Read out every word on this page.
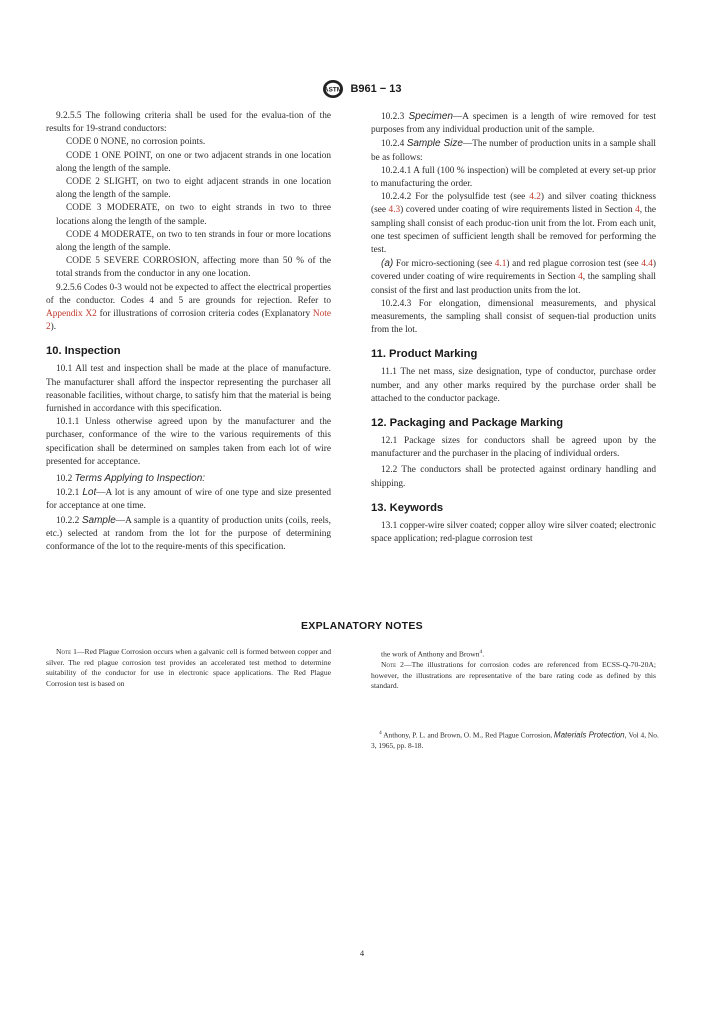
ASTM B961 − 13

9.2.5.5 The following criteria shall be used for the evalua-tion of the results for 19-strand conductors:

CODE 0 NONE, no corrosion points.

CODE 1 ONE POINT, on one or two adjacent strands in one location along the length of the sample.

CODE 2 SLIGHT, on two to eight adjacent strands in one location along the length of the sample.

CODE 3 MODERATE, on two to eight strands in two to three locations along the length of the sample.

CODE 4 MODERATE, on two to ten strands in four or more locations along the length of the sample.

CODE 5 SEVERE CORROSION, affecting more than 50 % of the total strands from the conductor in any one location.

9.2.5.6 Codes 0-3 would not be expected to affect the electrical properties of the conductor. Codes 4 and 5 are grounds for rejection. Refer to Appendix X2 for illustrations of corrosion criteria codes (Explanatory Note 2).

10. Inspection

10.1 All test and inspection shall be made at the place of manufacture. The manufacturer shall afford the inspector representing the purchaser all reasonable facilities, without charge, to satisfy him that the material is being furnished in accordance with this specification.

10.1.1 Unless otherwise agreed upon by the manufacturer and the purchaser, conformance of the wire to the various requirements of this specification shall be determined on samples taken from each lot of wire presented for acceptance.

10.2 Terms Applying to Inspection:

10.2.1 Lot—A lot is any amount of wire of one type and size presented for acceptance at one time.

10.2.2 Sample—A sample is a quantity of production units (coils, reels, etc.) selected at random from the lot for the purpose of determining conformance of the lot to the require-ments of this specification.

10.2.3 Specimen—A specimen is a length of wire removed for test purposes from any individual production unit of the sample.

10.2.4 Sample Size—The number of production units in a sample shall be as follows:

10.2.4.1 A full (100 % inspection) will be completed at every set-up prior to manufacturing the order.

10.2.4.2 For the polysulfide test (see 4.2) and silver coating thickness (see 4.3) covered under coating of wire requirements listed in Section 4, the sampling shall consist of each produc-tion unit from the lot. From each unit, one test specimen of sufficient length shall be removed for performing the test.

(a) For micro-sectioning (see 4.1) and red plague corrosion test (see 4.4) covered under coating of wire requirements in Section 4, the sampling shall consist of the first and last production units from the lot.

10.2.4.3 For elongation, dimensional measurements, and physical measurements, the sampling shall consist of sequen-tial production units from the lot.

11. Product Marking

11.1 The net mass, size designation, type of conductor, purchase order number, and any other marks required by the purchase order shall be attached to the conductor package.

12. Packaging and Package Marking

12.1 Package sizes for conductors shall be agreed upon by the manufacturer and the purchaser in the placing of individual orders.

12.2 The conductors shall be protected against ordinary handling and shipping.

13. Keywords

13.1 copper-wire silver coated; copper alloy wire silver coated; electronic space application; red-plague corrosion test

EXPLANATORY NOTES
Note 1—Red Plague Corrosion occurs when a galvanic cell is formed between copper and silver. The red plague corrosion test provides an accelerated test method to determine suitability of the conductor for use in electronic space applications. The Red Plague Corrosion test is based on

the work of Anthony and Brown$^4$.

Note 2—The illustrations for corrosion codes are referenced from ECSS-Q-70-20A; however, the illustrations are representative of the bare rating code as defined by this standard.

$^4$ Anthony, P. L. and Brown, O. M., Red Plague Corrosion, Materials Protection, Vol 4, No. 3, 1965, pp. 8-18.
4
